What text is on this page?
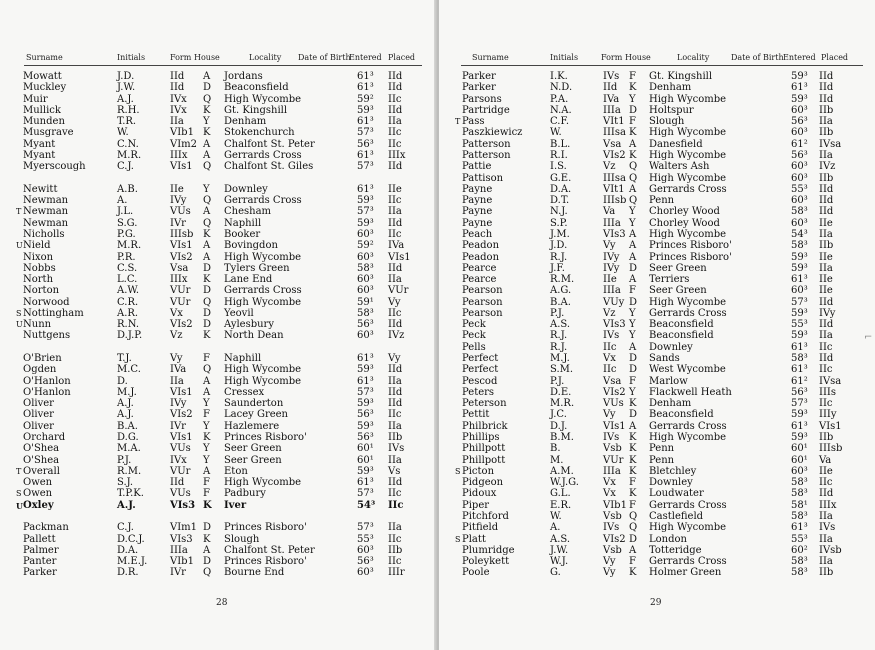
Surname	Initials	Form House	Locality Date of Birth
Entered Placed
Mowatt	J.D.	IId A Jordans	61³ IId
Muckley	J.W.	IId D Beaconsfield	61³ IId
Muir	A.J.	IVx Q High Wycombe	59² IIc
Mullick	R.H.	IVx K Gt. Kingshill	59³ IId
Munden	T.R.	IIa Y Denham	61³ IIa
Musgrave	W.	VIb1 K Stokenchurch	57³ IIc
Myant	C.N.	VIm2 A Chalfont St. Peter	56³ IIc
Myant	M.R.	IIIx A Gerrards Cross	61³ IIIx
Myerscough	C.J.	VIs1 Q Chalfont St. Giles	57³ IId
Newitt	A.B.	IIe Y Downley	61³ IIe
Newman	A.	IVy Q Gerrards Cross	59³ IIc
T Newman	J.L.	VUs A Chesham	57³ IIa
Newman	S.G.	IVr Q Naphill	59³ IId
Nicholls	P.G.	IIIsb K Booker	60³ IIc
U Nield	M.R.	VIs1 A Bovingdon	59² IVa
Nixon	P.R.	VIs2 A High Wycombe	60³ VIs1
Nobbs	C.S.	Vsa D Tylers Green	58³ IId
North	L.C.	IIIx K Lane End	60³ IIa
Norton	A.W.	VUr D Gerrards Cross	60³ VUr
Norwood	C.R.	VUr Q High Wycombe	59¹ Vy
S Nottingham	A.R.	Vx D Yeovil	58³ IIc
U Nunn	R.N.	VIs2 D Aylesbury	56³ IId
Nuttgens	D.J.P.	Vz K North Dean	60³ IVz
O'Brien	T.J.	Vy F Naphill	61³ Vy
Ogden	M.C.	IVa Q High Wycombe	59³ IId
O'Hanlon	D.	IIa A High Wycombe	61³ IIa
O'Hanlon	M.J.	VIs1 A Cressex	57³ IId
Oliver	A.J.	IVy Y Saunderton	59³ IId
Oliver	A.J.	VIs2 F Lacey Green	56³ IIc
Oliver	B.A.	IVr Y Hazlemere	59³ IIa
Orchard	D.G.	VIs1 K Princes Risboro'	56³ IIb
O'Shea	M.A.	VUs Y Seer Green	60¹ IVs
O'Shea	P.J.	IVx Y Seer Green	60¹ IIa
T Overall	R.M.	VUr A Eton	59³ Vs
Owen	S.J.	IId F High Wycombe	61³ IId
S Owen	T.P.K.	VUs F Padbury	57³ IIc
U Oxley	A.J.	VIs3 K Iver	54³ IIc
Packman	C.J.	VIm1 D Princes Risboro'	57³ IIa
Pallett	D.C.J.	VIs3 K Slough	55³ IIc
Palmer	D.A.	IIIa A Chalfont St. Peter	60³ IIb
Panter	M.E.J. VIb1 D Princes Risboro'	56³ IIc
Parker	D.R.	IVr Q Bourne End	60³ IIIr
28
Surname	Initials	Form House	Locality	Date of Birth Entered Placed
Parker	I.K.	IVs F Gt. Kingshill	59³ IId
Parker	N.D.	IId K Denham	61³ IId
Parsons	P.A.	IVa Y High Wycombe	59³ IId
Partridge	N.A.	IIIa D Holtspur	60³ IIb
T Pass	C.F.	VIt1 F Slough	56³ IIa
Paszkiewicz	W.	IIIsa K High Wycombe	60³ IIb
Patterson	B.L.	Vsa A Danesfield	61² IVsa
Patterson	R.I.	VIs2 K High Wycombe	56³ IIa
Pattie	I.S.	Vz Q Walters Ash	60³ IVz
Pattison	G.E.	IIIsa Q High Wycombe	60³ IIb
Payne	D.A.	VIt1 A Gerrards Cross	55³ IId
Payne	D.T.	IIIsb Q Penn	60³ IId
Payne	N.J.	Va Y Chorley Wood	58³ IId
Payne	S.P.	IIIa Y Chorley Wood	60³ IIe
Peach	J.M.	VIs3 A High Wycombe	54³ IIa
Peadon	J.D.	Vy A Princes Risboro'	58³ IIb
Peadon	R.J.	IVy A Princes Risboro'	59³ IIe
Pearce	J.F.	IVy D Seer Green	59³ IIa
Pearce	R.M.	IIe A Terriers	61³ IIe
Pearson	A.G.	IIIa F Seer Green	60³ IIe
Pearson	B.A.	VUy D High Wycombe	57³ IId
Pearson	P.J.	Vz Y Gerrards Cross	59³ IVy
Peck	A.S.	VIs3 Y Beaconsfield	55³ IId
Peck	R.J.	IVs Y Beaconsfield	59³ IIa
Pells	R.J.	IIc A Downley	61³ IIc
Perfect	M.J.	Vx D Sands	58³ IId
Perfect	S.M.	IIc D West Wycombe	61³ IIc
Pescod	P.J.	Vsa F Marlow	61² IVsa
Peters	D.E.	VIs2 Y Flackwell Heath	56³ IIIs
Peterson	M.R.	VUs K Denham	57³ IIc
Pettit	J.C.	Vy D Beaconsfield	59³ IIIy
Philbrick	D.J.	VIs1 A Gerrards Cross	61³ VIs1
Phillips	B.M.	IVs K High Wycombe	59³ IIb
Phillpott	B.	Vsb K Penn	60¹ IIIsb
Phillpott	M.	VUr K Penn	60¹ Va
S Picton	A.M.	IIIa K Bletchley	60³ IIe
Pidgeon	W.J.G. Vx F Downley	58³ IIc
Pidoux	G.L.	Vx K Loudwater	58³ IId
Piper	E.R.	VIb1 F Gerrards Cross	58¹ IIIx
Pitchford	W.	Vsb Q Castlefield	58³ IIa
Pitfield	A.	IVs Q High Wycombe	61³ IVs
S Platt	A.S.	VIs2 D London	55³ IIa
Plumridge	J.W.	Vsb A Totteridge	60² IVsb
Poleykett	W.J.	Vy F Gerrards Cross	58³ IIa
Poole	G.	Vy K Holmer Green	58³ IIb
29
⌐
